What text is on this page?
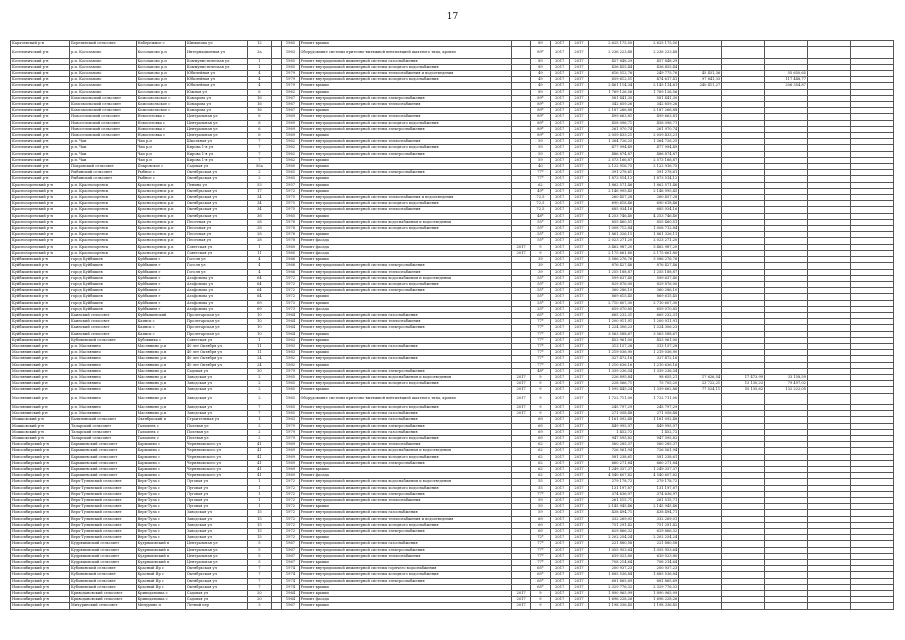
17
Карачевский р-н	Березинский сельсовет	Набережное с	Шиманова ул	12		1965	Ремонт крыши		89	2017	2017	2 625 175,50	2 625 175,50					
Котельничский р-н	р.п. Косолапово	Косолапово р.п	Интернационная ул	2а		1963	Оборудование системы приточно-вытяжной вентиляцией шахтного типа, кровли		89*	2017	2017	2 236 223,48	2 236 223,48					
Котельничский р-н	р.п. Косолапово	Косолапово р.п	Коммунистическая ул	1		1965	Ремонт внутридомовой инженерной системы газоснабжения		89	2017	2017	457 848,29	457 848,29					
Котельничский р-н	р.п. Косолапово	Косолапово р.п	Коммунистическая ул	1		1965	Ремонт внутридомовой инженерной системы холодного водоснабжения		89	2017	2017	436 455,44	436 455,44					
Котельничский р-н	р.п. Косолапово	Косолапово р.п	Юбилейная ул	4		1979	Ремонт внутридомовой инженерной системы теплоснабжения и водоотведения		49	2017	2017	616 512,76	249 775,76	45 451,36		55 650,65		
Котельничский р-н	р.п. Косолапово	Косолапово р.п	Юбилейная ул	4		1979	Ремонт внутридомовой инженерной системы холодного водоснабжения		49	2017	2017	659 612,51	474 617,41	97 841,33		117 448,77		
Котельничский р-н	р.п. Косолапово	Косолапово р.п	Юбилейная ул	4		1979	Ремонт крыши		49	2017	2017	2 461 114,34	2 145 114,61	240 411,27		206 354,87		
Котельничский р-н	р.п. Косолапово	Косолапово р.п	Южная ул	6		1962	Ремонт крыши		89	2017	2017	1 769 126,56	1 769 126,56					
Котельничский р-н	Комсомольский сельсовет	Комсомольское с	Комарова ул	16		1967	Ремонт внутридомовой инженерной системы электроснабжения		89*	2017	2017	581 441,30	581 441,30					
Котельничский р-н	Комсомольский сельсовет	Комсомольское с	Комарова ул	16		1967	Ремонт внутридомовой инженерной системы теплоснабжения		89*	2017	2017	342 659,26	342 659,26					
Котельничский р-н	Комсомольский сельсовет	Комсомольское с	Комарова ул	16		1967	Ремонт крыши		89*	2017	2017	2 187 266,88	2 187 266,88					
Котельничский р-н	Новоселовский сельсовет	Новоселовка с	Центральная ул	6		1969	Ремонт внутридомовой инженерной системы теплоснабжения		89*	2017	2017	499 663,81	499 663,81					
Котельничский р-н	Новоселовский сельсовет	Новоселовка с	Центральная ул	6		1969	Ремонт внутридомовой инженерной системы холодного водоснабжения		89*	2017	2017	458 096,71	458 096,71					
Котельничский р-н	Новоселовский сельсовет	Новоселовка с	Центральная ул	6		1969	Ремонт внутридомовой инженерной системы электроснабжения		89*	2017	2017	261 970,74	261 970,74					
Котельничский р-н	Новоселовский сельсовет	Новоселовка с	Центральная ул	6		1969	Ремонт крыши		89*	2017	2017	2 059 433,21	2 059 433,21					
Котельничский р-н	р.п. Чаи	Чаи р.п	Школьная ул	7		1962	Ремонт внутридомовой инженерной системы теплоснабжения		59	2017	2017	1 364 726,25	1 364 726,25					
Котельничский р-н	р.п. Чаи	Чаи р.п	Кирова 1-я ул	7		1962	Ремонт внутридомовой инженерной системы холодного водоснабжения		59	2017	2017	477 994,49	477 994,49					
Котельничский р-н	р.п. Чаи	Чаи р.п	Кирова 1-я ул	7		1962	Ремонт внутридомовой инженерной системы электроснабжения		59	2017	2017	486 874,87	486 874,87					
Котельничский р-н	р.п. Чаи	Чаи р.п	Кирова 1-я ул	7		1962	Ремонт крыши		59	2017	2017	2 573 166,87	2 573 166,87					
Котельничский р-н	Покровский сельсовет	Покровское с	Садовая ул	50а		1960	Ремонт крыши		40	2017	2017	2 122 916,75	2 122 916,75					
Котельничский р-н	Рыбинский сельсовет	Рыбное с	Октябрьская ул	2		1965	Ремонт внутридомовой инженерной системы электроснабжения		77*	2017	2017	391 278,61	391 278,61					
Котельничский р-н	Рыбинский сельсовет	Рыбное с	Октябрьская ул	2		1965	Ремонт крыши		77*	2017	2017	1 873 514,12	1 873 514,12					
Краснозоренский р-н	р.п. Краснозоренск	Краснозоренск р.п	Ленина ул	53		1957	Ремонт крыши		62	2017	2017	1 862 571,46	1 862 571,46					
Краснозоренский р-н	р.п. Краснозоренск	Краснозоренск р.п	Октябрьская ул	17		1972	Ремонт крыши		49*	2017	2017	2 146 995,45	2 146 995,45					
Краснозоренский р-н	р.п. Краснозоренск	Краснозоренск р.п	Октябрьская ул	34		1975	Ремонт внутридомовой инженерной системы теплоснабжения и водоотведения		72,5	2017	2017	260 457,28	260 457,28					
Краснозоренский р-н	р.п. Краснозоренск	Краснозоренск р.п	Октябрьская ул	34		1975	Ремонт внутридомовой инженерной системы холодного водоснабжения		72,5	2017	2017	690 618,46	690 618,46					
Краснозоренский р-н	р.п. Краснозоренск	Краснозоренск р.п	Октябрьская ул	34		1975	Ремонт внутридомовой инженерной системы теплоснабжения		72,5	2017	2017	685 934,16	685 934,16					
Краснозоренский р-н	р.п. Краснозоренск	Краснозоренск р.п	Октябрьская ул	36		1965	Ремонт крыши		48*	2017	2017	4 253 746,40	4 253 746,40					
Краснозоренский р-н	р.п. Краснозоренск	Краснозоренск р.п	Песочная ул	28		1978	Ремонт внутридомовой инженерной системы водоснабжения и водоотведения		55*	2017	2017	855 460,51	855 460,51					
Краснозоренский р-н	р.п. Краснозоренск	Краснозоренск р.п	Песочная ул	28		1978	Ремонт внутридомовой инженерной системы холодного водоснабжения		55*	2017	2017	1 008 712,84	1 008 712,84					
Краснозоренский р-н	р.п. Краснозоренск	Краснозоренск р.п	Песочная ул	28		1978	Ремонт крыши		55*	2017	2017	1 861 326,11	1 861 326,11					
Краснозоренский р-н	р.п. Краснозоренск	Краснозоренск р.п	Песочная ул	28		1978	Ремонт фасада		55*	2017	2017	2 023 271,20	2 023 271,20					
Краснозоренский р-н	р.п. Краснозоренск	Краснозоренск р.п	Советская ул	1		1960	Ремонт фасада	2017	9	2017	2017	3 462 987,20	3 462 987,20					
Краснозоренский р-н	р.п. Краснозоренск	Краснозоренск р.п	Советская ул	11		1960	Ремонт фасада	2017	9	2017	2017	2 175 661,80	2 175 661,80					
Куйбышевский р-н	город Куйбышев	Куйбышев г	Гоголя ул	4		1966	Ремонт крыши		39	2017	2017	3 586 276,76	3 586 276,76					
Куйбышевский р-н	город Куйбышев	Куйбышев г	Гоголя ул	4		1966	Ремонт внутридомовой инженерной системы электроснабжения		39	2017	2017	876 427,46	876 427,46					
Куйбышевский р-н	город Куйбышев	Куйбышев г	Гоголя ул	4		1966	Ремонт внутридомовой инженерной системы теплоснабжения		39	2017	2017	1 255 188,87	1 255 188,87					
Куйбышевский р-н	город Куйбышев	Куйбышев г	Агафонова ул	64		1972	Ремонт внутридомовой инженерной системы водоснабжения и водоотведения		55*	2017	2017	599 637,40	599 637,40					
Куйбышевский р-н	город Куйбышев	Куйбышев г	Агафонова ул	64		1972	Ремонт внутридомовой инженерной системы холодного водоснабжения		55*	2017	2017	829 876,00	829 876,00					
Куйбышевский р-н	город Куйбышев	Куйбышев г	Агафонова ул	64		1972	Ремонт внутридомовой инженерной системы электроснабжения		55*	2017	2017	360 286,10	360 286,10					
Куйбышевский р-н	город Куйбышев	Куйбышев г	Агафонова ул	64		1972	Ремонт крыши		55*	2017	2017	869 615,45	869 615,45					
Куйбышевский р-н	город Куйбышев	Куйбышев г	Агафонова ул	69		1973	Ремонт крыши		25*	2017	2017	2 710 607,30	2 710 607,30					
Куйбышевский р-н	город Куйбышев	Куйбышев г	Агафонова ул	69		1973	Ремонт фасада		25*	2017	2017	659 070,85	659 070,85					
Куйбышевский р-н	Каинский сельсовет	Куйбышевский	Пролетарская ул	10		1964	Ремонт внутридомовой инженерной системы газоснабжения		65*	2017	2017	665 232,31	665 232,31					
Куйбышевский р-н	Каинский сельсовет	Каинск с	Пролетарская ул	10		1964	Ремонт внутридомовой инженерной системы теплоснабжения		77*	2017	2017	1 200 911,91	1 200 911,91					
Куйбышевский р-н	Каинский сельсовет	Каинск с	Пролетарская ул	10		1964	Ремонт внутридомовой инженерной системы электроснабжения		77*	2017	2017	1 224 306,23	1 224 306,23					
Куйбышевский р-н	Каинский сельсовет	Каинск с	Пролетарская ул	10		1964	Ремонт крыши		77*	2017	2017	3 563 588,67	3 563 588,67					
Куйбышевский р-н	Кубовинский сельсовет	Кубовинка с	Советская ул	1		1963	Ремонт крыши		77*	2017	2017	453 961,00	453 961,00					
Маслянинский р-н	р.п. Маслянино	Маслянино р.п	40 лет Октября ул	11		1983	Ремонт внутридомовой инженерной системы газоснабжения		77*	2017	2017	313 157,28	313 157,28					
Маслянинский р-н	р.п. Маслянино	Маслянино р.п	40 лет Октября ул	11		1983	Ремонт крыши		77*	2017	2017	1 219 036,90	1 219 036,90					
Маслянинский р-н	р.п. Маслянино	Маслянино р.п	40 лет Октября ул	24		1982	Ремонт внутридомовой инженерной системы газоснабжения		77*	2017	2017	327 472,16	327 472,16					
Маслянинский р-н	р.п. Маслянино	Маслянино р.п	40 лет Октября ул	24		1982	Ремонт крыши		77*	2017	2017	1 210 636,16	1 210 636,16					
Маслянинский р-н	р.п. Маслянино	Маслянино р.п	Садовая ул	30		1979	Ремонт внутридомовой инженерной системы электроснабжения		48*	2017	2017	1 339 236,54	1 339 236,54					
Маслянинский р-н	р.п. Маслянино	Маслянино р.п	Заводская ул	2		1965	Ремонт внутридомовой инженерной системы водоснабжения и водоотведения	2017	9	2017	2017	226 895,84	98 655,21	17 626,54	17 473,99	33 158,59		
Маслянинский р-н	р.п. Маслянино	Маслянино р.п	Заводская ул	2		1965	Ремонт внутридомовой инженерной системы холодного водоснабжения	2017	9	2017	2017	228 566,71	75 705,20	23 722,21	13 130,23	79 497,02		
Маслянинский р-н	р.п. Маслянино	Маслянино р.п	Заводская ул	2		1965	Ремонт крыши	2017	9	2017	2017	1 595 445,24	1 339 662,86	77 524,11	55 135,62	132 222,05		
Маслянинский р-н	р.п. Маслянино	Маслянино р.п	Заводская ул	2		1965	Оборудование системы приточно-вытяжной вентиляцией шахтного типа, кровли	2017	9	2017	2017	1 722 711,00	1 722 711,00					
Маслянинский р-н	р.п. Маслянино	Маслянино р.п	Заводская ул	7		1965	Ремонт внутридомовой инженерной системы холодного водоснабжения	2017	9	2017	2017	245 797,29	245 797,29					
Маслянинский р-н	р.п. Маслянино	Маслянино р.п	Заводская ул	7		1965	Ремонт внутридомовой инженерной системы газоснабжения	2017	9	2017	2017	271 058,48	271 058,48					
Мошковский р-н	Бализинский сельсовет	Октябрьский п	Строительная ул	1		1963	Ремонт внутридомовой инженерной системы газоснабжения		69	2017	2017	1 161 092,48	1 161 092,48					
Мошковский р-н	Таларский сельсовет	Тальмень с	Полевая ул	2		1979	Ремонт внутридомовой инженерной системы электроснабжения		69	2017	2017	449 995,97	449 995,97					
Мошковский р-н	Таларский сельсовет	Тальмень с	Полевая ул	2		1979	Ремонт внутридомовой инженерной системы газоснабжения		69	2017	2017	1 452,72	1 452,72					
Мошковский р-н	Таларский сельсовет	Тальмень с	Полевая ул	2		1979	Ремонт внутридомовой инженерной системы холодного водоснабжения		69	2017	2017	947 595,82	947 595,82					
Новосибирский р-н	Барышевский сельсовет	Барышево с	Черняховского ул	41		1969	Ремонт внутридомовой инженерной системы теплоснабжения		62	2017	2017	560 285,37	560 285,37					
Новосибирский р-н	Барышевский сельсовет	Барышево с	Черняховского ул	41		1969	Ремонт внутридомовой инженерной системы водоснабжения и водоотведения		62	2017	2017	726 561,94	726 561,94					
Новосибирский р-н	Барышевский сельсовет	Барышево с	Черняховского ул	41		1969	Ремонт внутридомовой инженерной системы холодного водоснабжения		62	2017	2017	581 238,61	581 238,61					
Новосибирский р-н	Барышевский сельсовет	Барышево с	Черняховского ул	41		1969	Ремонт внутридомовой инженерной системы электроснабжения		62	2017	2017	660 271,84	660 271,84					
Новосибирский р-н	Барышевский сельсовет	Барышево с	Черняховского ул	41		1969	Ремонт крыши		62	2017	2017	1 249 337,37	1 249 337,37					
Новосибирский р-н	Барышевский сельсовет	Барышево с	Черняховского ул	41		1969	Ремонт фасада		62	2017	2017	4 540 607,82	4 540 607,82					
Новосибирский р-н	Верх-Тулинский сельсовет	Верх-Тула с	Луговая ул	1		1972	Ремонт внутридомовой инженерной системы водоснабжения и водоотведения		55	2017	2017	279 178,72	279 178,72					
Новосибирский р-н	Верх-Тулинский сельсовет	Верх-Тула с	Луговая ул	1		1972	Ремонт внутридомовой инженерной системы холодного водоснабжения		55	2017	2017	131 197,87	131 197,87					
Новосибирский р-н	Верх-Тулинский сельсовет	Верх-Тула с	Луговая ул	1		1972	Ремонт внутридомовой инженерной системы электроснабжения		77*	2017	2017	374 636,97	374 636,97					
Новосибирский р-н	Верх-Тулинский сельсовет	Верх-Тула с	Луговая ул	1		1972	Ремонт внутридомовой инженерной системы теплоснабжения		59	2017	2017	261 515,71	261 515,71					
Новосибирский р-н	Верх-Тулинский сельсовет	Верх-Тула с	Луговая ул	1		1972	Ремонт крыши		59	2017	2017	2 145 945,46	2 145 945,46					
Новосибирский р-н	Верх-Тулинский сельсовет	Верх-Тула с	Заводская ул	15		1972	Ремонт внутридомовой инженерной системы газоснабжения		59	2017	2017	438 494,71	438 494,71					
Новосибирский р-н	Верх-Тулинский сельсовет	Верх-Тула с	Заводская ул	15		1972	Ремонт внутридомовой инженерной системы теплоснабжения и водоотведения		69	2017	2017	332 269,01	332 269,01					
Новосибирский р-н	Верх-Тулинский сельсовет	Верх-Тула с	Заводская ул	15		1972	Ремонт внутридомовой инженерной системы холодного водоснабжения		69	2017	2017	751 291,42	751 291,42					
Новосибирский р-н	Верх-Тулинский сельсовет	Верх-Тула с	Заводская ул	15		1972	Ремонт внутридомовой инженерной системы электроснабжения		69	2017	2017	629 866,32	629 866,32					
Новосибирский р-н	Верх-Тулинский сельсовет	Верх-Тула с	Заводская ул	15		1972	Ремонт крыши		72*	2017	2017	2 202 254,24	2 202 254,24					
Новосибирский р-н	Кудряшовский сельсовет	Кудряшовский п	Центральная ул	5		1967	Ремонт внутридомовой инженерной системы газоснабжения		77*	2017	2017	221 880,58	221 880,58					
Новосибирский р-н	Кудряшовский сельсовет	Кудряшовский п	Центральная ул	5		1967	Ремонт внутридомовой инженерной системы электроснабжения		77*	2017	2017	1 055 953,64	1 055 953,64					
Новосибирский р-н	Кудряшовский сельсовет	Кудряшовский п	Центральная ул	5		1967	Ремонт внутридомовой инженерной системы теплоснабжения		77*	2017	2017	639 023,80	639 023,80					
Новосибирский р-н	Кудряшовский сельсовет	Кудряшовский п	Центральная ул	5		1967	Ремонт крыши		77*	2017	2017	708 214,64	708 214,64					
Новосибирский р-н	Кубовинский сельсовет	Красный Яр с	Октябрьская ул	7		1974	Ремонт внутридомовой инженерной системы горячего водоснабжения		65*	2017	2017	200 937,23	200 937,23					
Новосибирский р-н	Кубовинский сельсовет	Красный Яр с	Октябрьская ул	7		1974	Ремонт внутридомовой инженерной системы холодного водоснабжения		65*	2017	2017	1 685 536,84	1 685 536,84					
Новосибирский р-н	Кубовинский сельсовет	Красный Яр с	Октябрьская ул	7		1974	Ремонт внутридомовой инженерной системы электроснабжения		65*	2017	2017	681 865,69	681 865,69					
Новосибирский р-н	Кубовинский сельсовет	Красный Яр с	Октябрьская ул	7		1974	Ремонт крыши		65*	2017	2017	2 329 776,32	2 329 776,32					
Новосибирский р-н	Криводановский сельсовет	Криводановка с	Садовая ул	20		1964	Ремонт крыши	2017	9	2017	2017	1 890 965,99	1 890 965,99					
Новосибирский р-н	Криводановский сельсовет	Криводановка с	Садовая ул	20		1964	Ремонт фасада	2017	9	2017	2017	1 696 228,26	1 696 228,26					
Новосибирский р-н	Мичуринский сельсовет	Мичурино п	Летний пер	3		1967	Ремонт крыши	2017	9	2017	2017	1 198 336,45	1 198 336,45					
